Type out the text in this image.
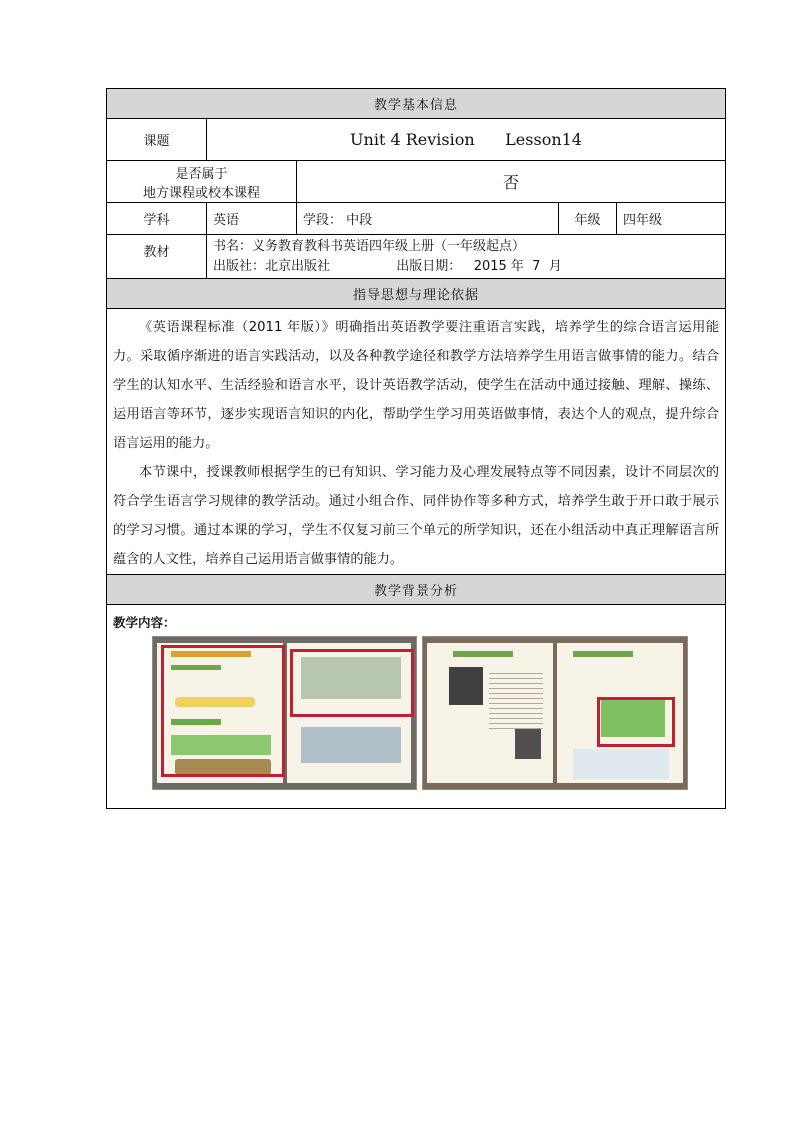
教学基本信息				
课题	Unit 4 Revision      Lesson14			

是否属于
地方课程或校本课程		否		
学科	英语	学段： 中段	年级	四年级
教材	书名：义务教育教科书英语四年级上册（一年级起点）
出版社：北京出版社 出版日期：   2015 年  7  月			

指导思想与理论依据				

《英语课程标准（2011 年版）》明确指出英语教学要注重语言实践，培养学生的综合语言运用能力。采取循序渐进的语言实践活动，以及各种教学途径和教学方法培养学生用语言做事情的能力。结合学生的认知水平、生活经验和语言水平，设计英语教学活动，使学生在活动中通过接触、理解、操练、运用语言等环节，逐步实现语言知识的内化，帮助学生学习用英语做事情，表达个人的观点，提升综合语言运用的能力。

本节课中，授课教师根据学生的已有知识、学习能力及心理发展特点等不同因素，设计不同层次的符合学生语言学习规律的教学活动。通过小组合作、同伴协作等多种方式，培养学生敢于开口敢于展示的学习习惯。通过本课的学习，学生不仅复习前三个单元的所学知识，还在小组活动中真正理解语言所蕴含的人文性，培养自己运用语言做事情的能力。				

教学背景分析				

教学内容：				
